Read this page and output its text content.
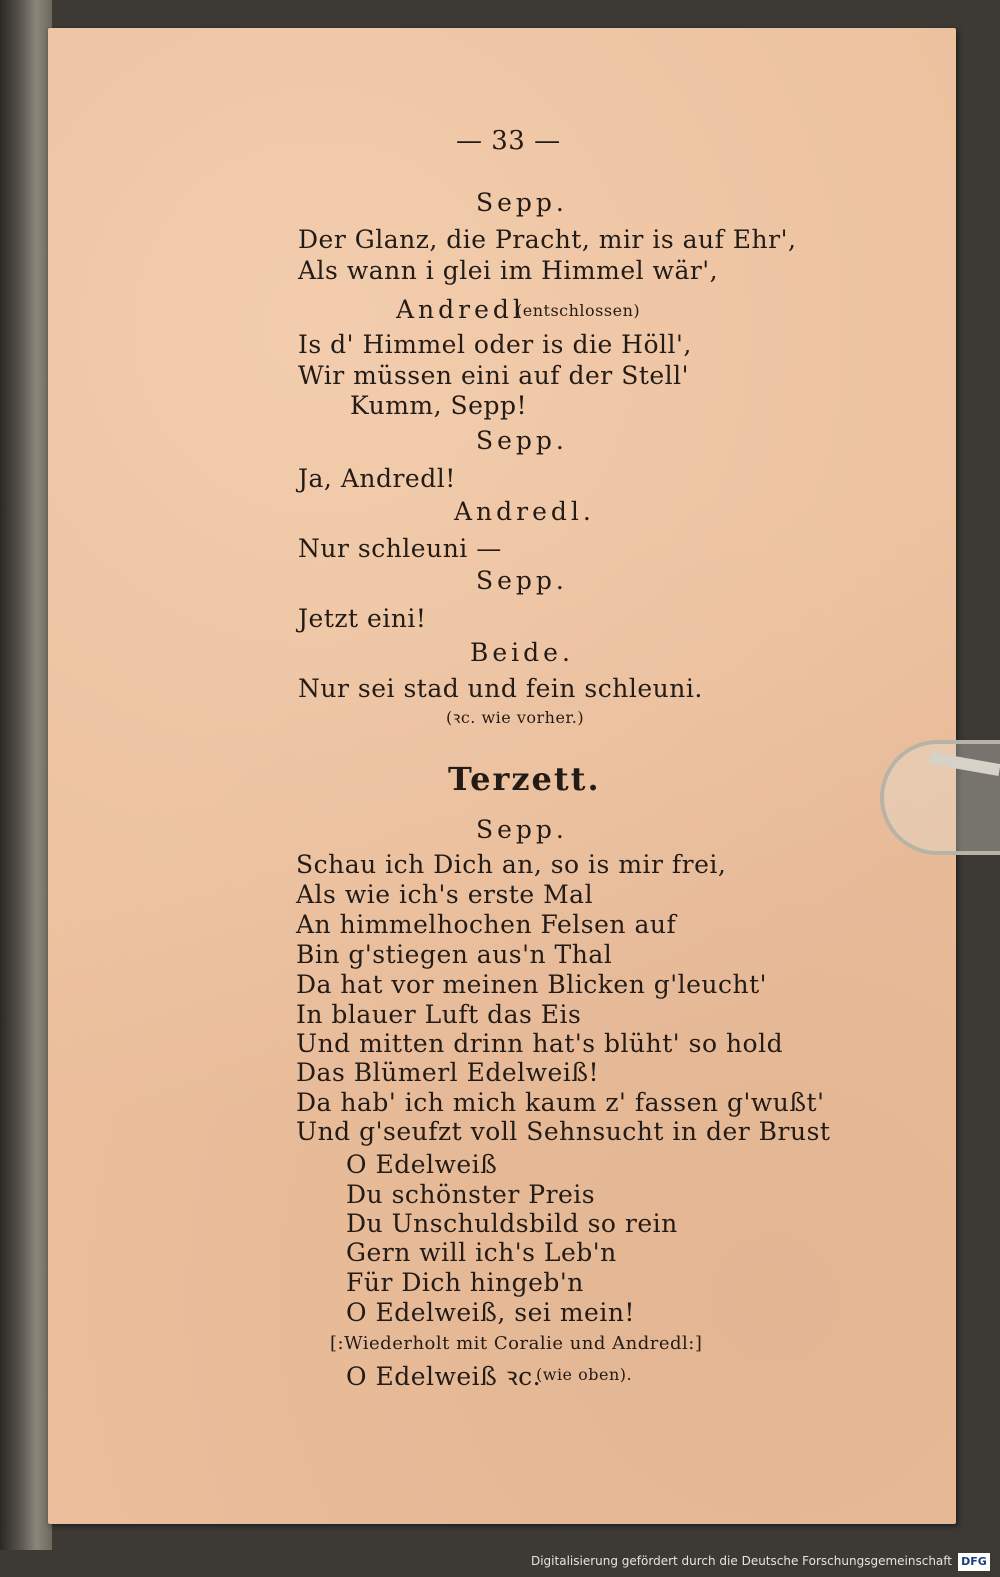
— 33 —
Sepp.
Der Glanz, die Pracht, mir is auf Ehr',
Als wann i glei im Himmel wär',
Andredl
(entschlossen)
Is d' Himmel oder is die Höll',
Wir müssen eini auf der Stell'
Kumm, Sepp!
Sepp.
Ja, Andredl!
Andredl.
Nur schleuni —
Sepp.
Jetzt eini!
Beide.
Nur sei stad und fein schleuni.
(ꝛc. wie vorher.)
Terzett.
Sepp.
Schau ich Dich an, so is mir frei,
Als wie ich's erste Mal
An himmelhochen Felsen auf
Bin g'stiegen aus'n Thal
Da hat vor meinen Blicken g'leucht'
In blauer Luft das Eis
Und mitten drinn hat's blüht' so hold
Das Blümerl Edelweiß!
Da hab' ich mich kaum z' fassen g'wußt'
Und g'seufzt voll Sehnsucht in der Brust
O Edelweiß
Du schönster Preis
Du Unschuldsbild so rein
Gern will ich's Leb'n
Für Dich hingeb'n
O Edelweiß, sei mein!
[:Wiederholt mit Coralie und Andredl:]
O Edelweiß ꝛc.
(wie oben).
Digitalisierung gefördert durch die Deutsche Forschungsgemeinschaft DFG
